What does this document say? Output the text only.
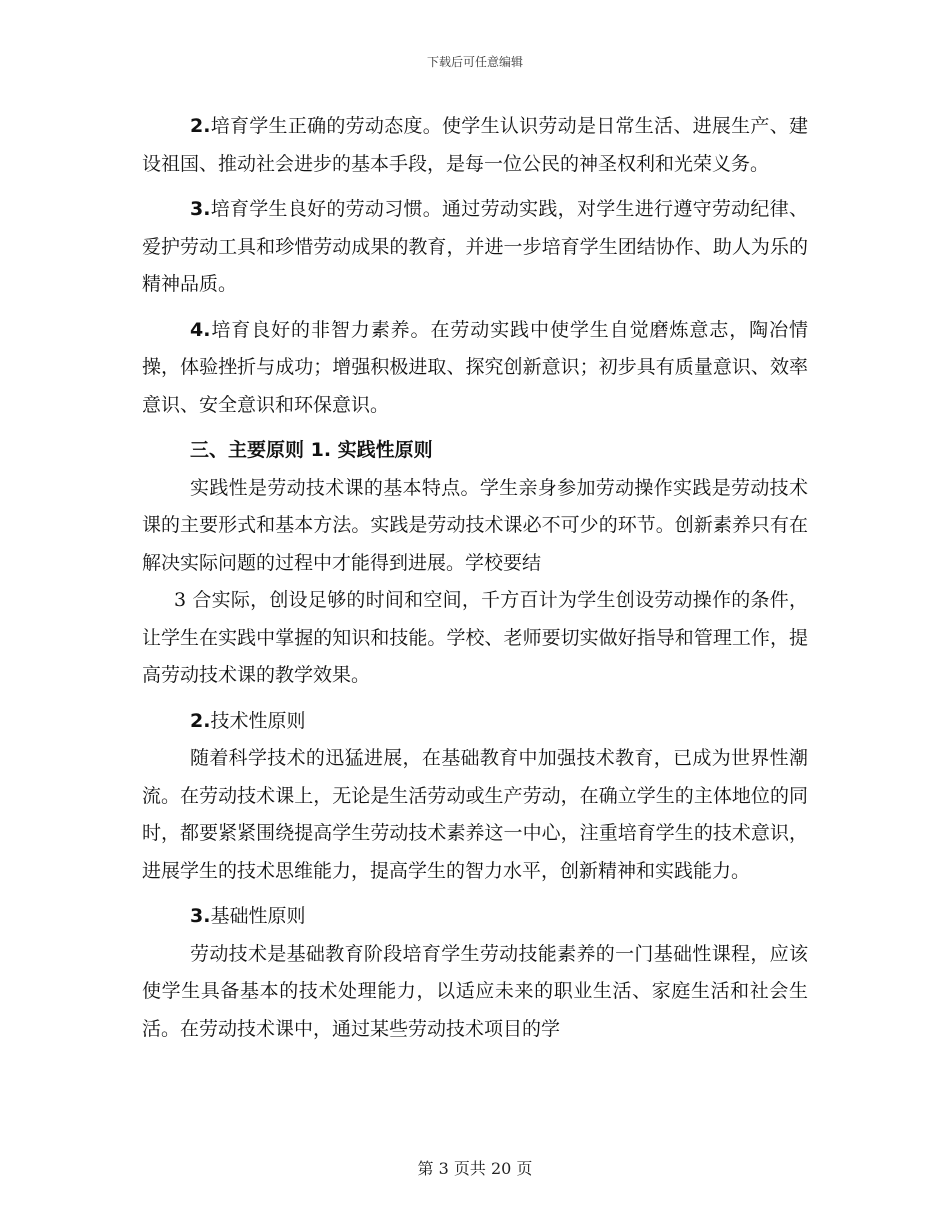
下载后可任意编辑

2.培育学生正确的劳动态度。使学生认识劳动是日常生活、进展生产、建设祖国、推动社会进步的基本手段，是每一位公民的神圣权利和光荣义务。

3.培育学生良好的劳动习惯。通过劳动实践，对学生进行遵守劳动纪律、爱护劳动工具和珍惜劳动成果的教育，并进一步培育学生团结协作、助人为乐的精神品质。

4.培育良好的非智力素养。在劳动实践中使学生自觉磨炼意志，陶冶情操，体验挫折与成功；增强积极进取、探究创新意识；初步具有质量意识、效率意识、安全意识和环保意识。

三、主要原则 1. 实践性原则

实践性是劳动技术课的基本特点。学生亲身参加劳动操作实践是劳动技术课的主要形式和基本方法。实践是劳动技术课必不可少的环节。创新素养只有在解决实际问题的过程中才能得到进展。学校要结

3 合实际，创设足够的时间和空间，千方百计为学生创设劳动操作的条件，让学生在实践中掌握的知识和技能。学校、老师要切实做好指导和管理工作，提高劳动技术课的教学效果。

2.技术性原则

随着科学技术的迅猛进展，在基础教育中加强技术教育，已成为世界性潮流。在劳动技术课上，无论是生活劳动或生产劳动，在确立学生的主体地位的同时，都要紧紧围绕提高学生劳动技术素养这一中心，注重培育学生的技术意识，进展学生的技术思维能力，提高学生的智力水平，创新精神和实践能力。

3.基础性原则

劳动技术是基础教育阶段培育学生劳动技能素养的一门基础性课程，应该使学生具备基本的技术处理能力，以适应未来的职业生活、家庭生活和社会生活。在劳动技术课中，通过某些劳动技术项目的学

第 3 页共 20 页
